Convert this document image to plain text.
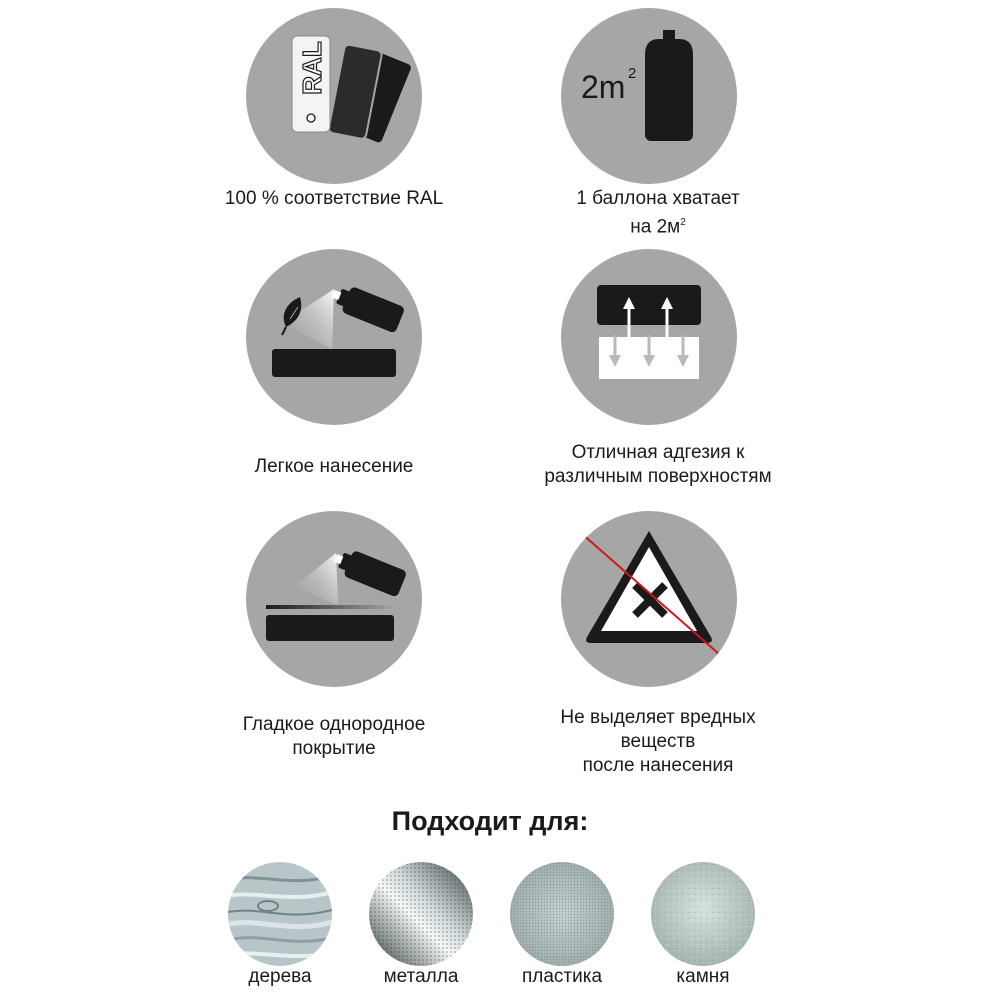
RAL
100 % соответствие RAL
2m 2
1 баллона хватает
на $2м^2$
Легкое нанесение
Отличная адгезия к
различным поверхностям
Гладкое однородное
покрытие
Не выделяет вредных
веществ
после нанесения
Подходит для:
дерева	металла	пластика	камня
